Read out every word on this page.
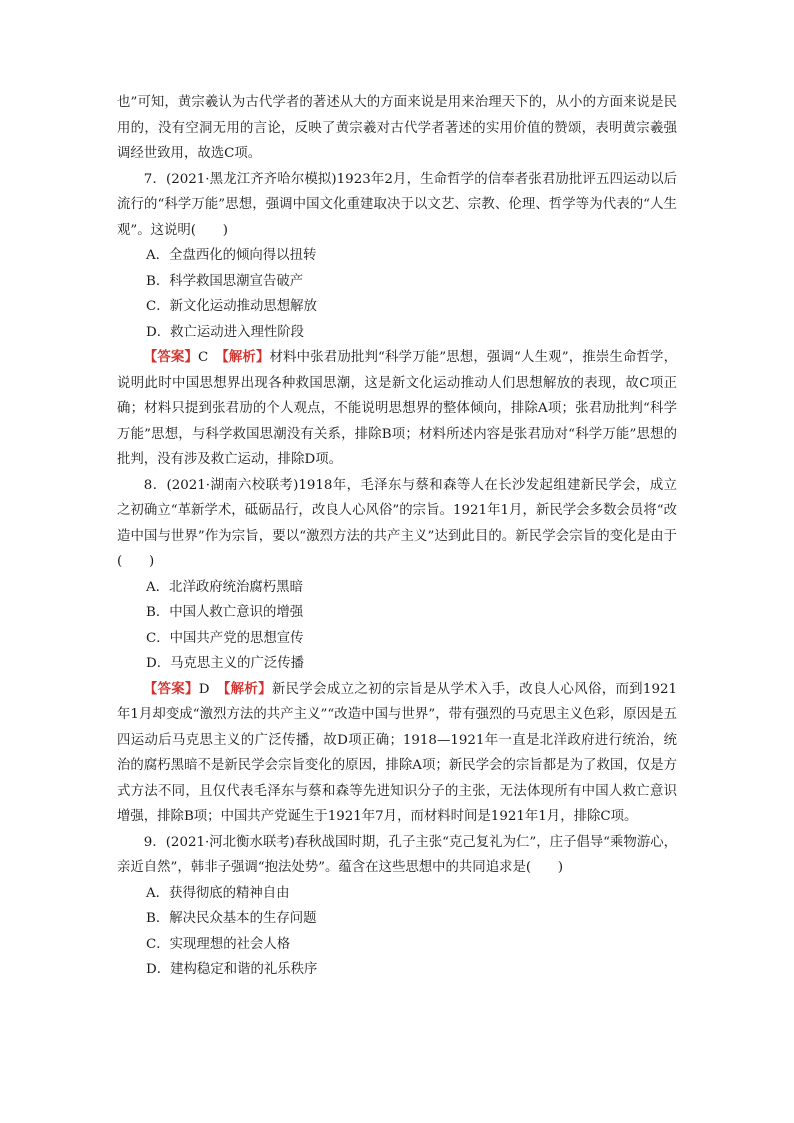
也”可知，黄宗羲认为古代学者的著述从大的方面来说是用来治理天下的，从小的方面来说是民用的，没有空洞无用的言论，反映了黄宗羲对古代学者著述的实用价值的赞颂，表明黄宗羲强调经世致用，故选C项。

7．(2021·黑龙江齐齐哈尔模拟)1923年2月，生命哲学的信奉者张君劢批评五四运动以后流行的“科学万能”思想，强调中国文化重建取决于以文艺、宗教、伦理、哲学等为代表的“人生观”。这说明(　　)

A．全盘西化的倾向得以扭转

B．科学救国思潮宣告破产

C．新文化运动推动思想解放

D．救亡运动进入理性阶段

【答案】C　 【解析】材料中张君劢批判“科学万能”思想，强调“人生观”，推崇生命哲学，说明此时中国思想界出现各种救国思潮，这是新文化运动推动人们思想解放的表现，故C项正确；材料只提到张君劢的个人观点，不能说明思想界的整体倾向，排除A项；张君劢批判“科学万能”思想，与科学救国思潮没有关系，排除B项；材料所述内容是张君劢对“科学万能”思想的批判，没有涉及救亡运动，排除D项。

8．(2021·湖南六校联考)1918年，毛泽东与蔡和森等人在长沙发起组建新民学会，成立之初确立“革新学术，砥砺品行，改良人心风俗”的宗旨。1921年1月，新民学会多数会员将“改造中国与世界”作为宗旨，要以“激烈方法的共产主义”达到此目的。新民学会宗旨的变化是由于(　　)

A．北洋政府统治腐朽黑暗

B．中国人救亡意识的增强

C．中国共产党的思想宣传

D．马克思主义的广泛传播

【答案】D　 【解析】新民学会成立之初的宗旨是从学术入手，改良人心风俗，而到1921年1月却变成“激烈方法的共产主义”“改造中国与世界”，带有强烈的马克思主义色彩，原因是五四运动后马克思主义的广泛传播，故D项正确；1918—1921年一直是北洋政府进行统治，统治的腐朽黑暗不是新民学会宗旨变化的原因，排除A项；新民学会的宗旨都是为了救国，仅是方式方法不同，且仅代表毛泽东与蔡和森等先进知识分子的主张，无法体现所有中国人救亡意识增强，排除B项；中国共产党诞生于1921年7月，而材料时间是1921年1月，排除C项。

9．(2021·河北衡水联考)春秋战国时期，孔子主张“克己复礼为仁”，庄子倡导“乘物游心，亲近自然”，韩非子强调“抱法处势”。蕴含在这些思想中的共同追求是(　　)

A．获得彻底的精神自由

B．解决民众基本的生存问题

C．实现理想的社会人格

D．建构稳定和谐的礼乐秩序
